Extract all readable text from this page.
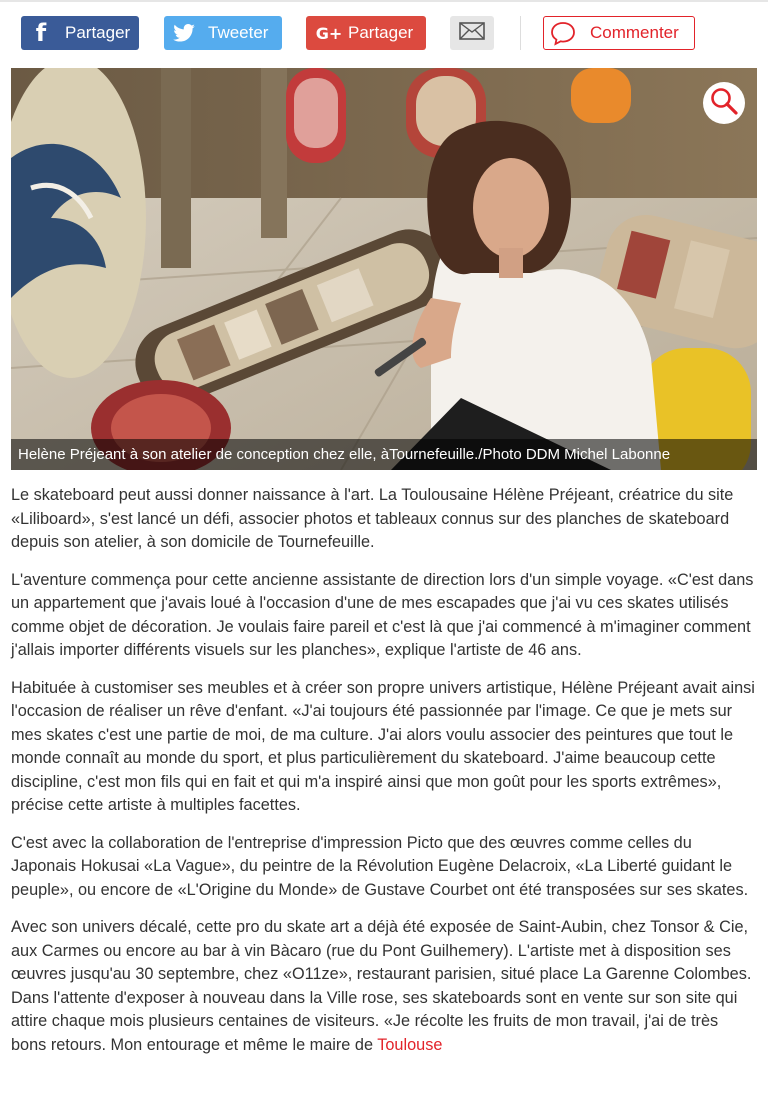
f Partager	Tweeter	G+ Partager	Commenter
Helène Préjeant à son atelier de conception chez elle, àTournefeuille./Photo DDM Michel Labonne

Le skateboard peut aussi donner naissance à l'art. La Toulousaine Hélène Préjeant, créatrice du site «Liliboard», s'est lancé un défi, associer photos et tableaux connus sur des planches de skateboard depuis son atelier, à son domicile de Tournefeuille.

L'aventure commença pour cette ancienne assistante de direction lors d'un simple voyage. «C'est dans un appartement que j'avais loué à l'occasion d'une de mes escapades que j'ai vu ces skates utilisés comme objet de décoration. Je voulais faire pareil et c'est là que j'ai commencé à m'imaginer comment j'allais importer différents visuels sur les planches», explique l'artiste de 46 ans.

Habituée à customiser ses meubles et à créer son propre univers artistique, Hélène Préjeant avait ainsi l'occasion de réaliser un rêve d'enfant. «J'ai toujours été passionnée par l'image. Ce que je mets sur mes skates c'est une partie de moi, de ma culture. J'ai alors voulu associer des peintures que tout le monde connaît au monde du sport, et plus particulièrement du skateboard. J'aime beaucoup cette discipline, c'est mon fils qui en fait et qui m'a inspiré ainsi que mon goût pour les sports extrêmes», précise cette artiste à multiples facettes.

C'est avec la collaboration de l'entreprise d'impression Picto que des œuvres comme celles du Japonais Hokusai «La Vague», du peintre de la Révolution Eugène Delacroix, «La Liberté guidant le peuple», ou encore de «L'Origine du Monde» de Gustave Courbet ont été transposées sur ses skates.

Avec son univers décalé, cette pro du skate art a déjà été exposée de Saint-Aubin, chez Tonsor & Cie, aux Carmes ou encore au bar à vin Bàcaro (rue du Pont Guilhemery). L'artiste met à disposition ses œuvres jusqu'au 30 septembre, chez «O11ze», restaurant parisien, situé place La Garenne Colombes. Dans l'attente d'exposer à nouveau dans la Ville rose, ses skateboards sont en vente sur son site qui attire chaque mois plusieurs centaines de visiteurs. «Je récolte les fruits de mon travail, j'ai de très bons retours. Mon entourage et même le maire de Toulouse
